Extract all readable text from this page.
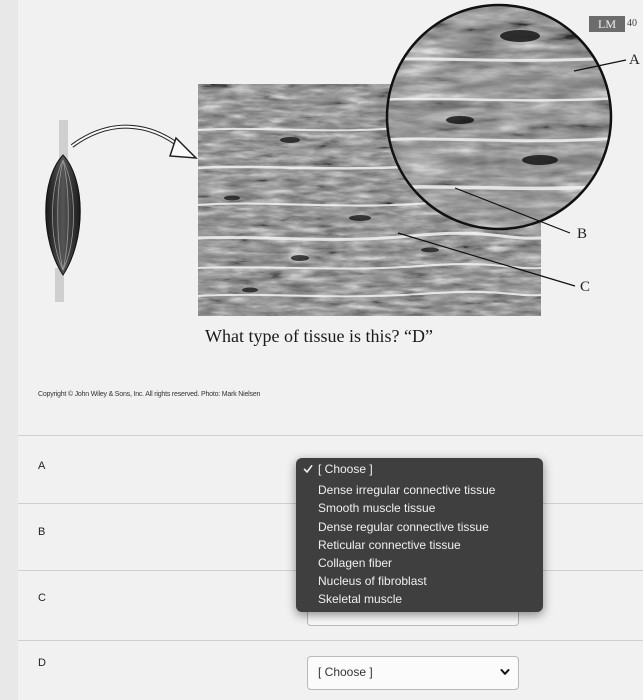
LM	40
A
B
C
What type of tissue is this? “D”
Copyright © John Wiley & Sons, Inc. All rights reserved. Photo: Mark Nielsen
A
B
C
D
[ Choose ]
[ Choose ]
Dense irregular connective tissue
Smooth muscle tissue
Dense regular connective tissue
Reticular connective tissue
Collagen fiber
Nucleus of fibroblast
Skeletal muscle
